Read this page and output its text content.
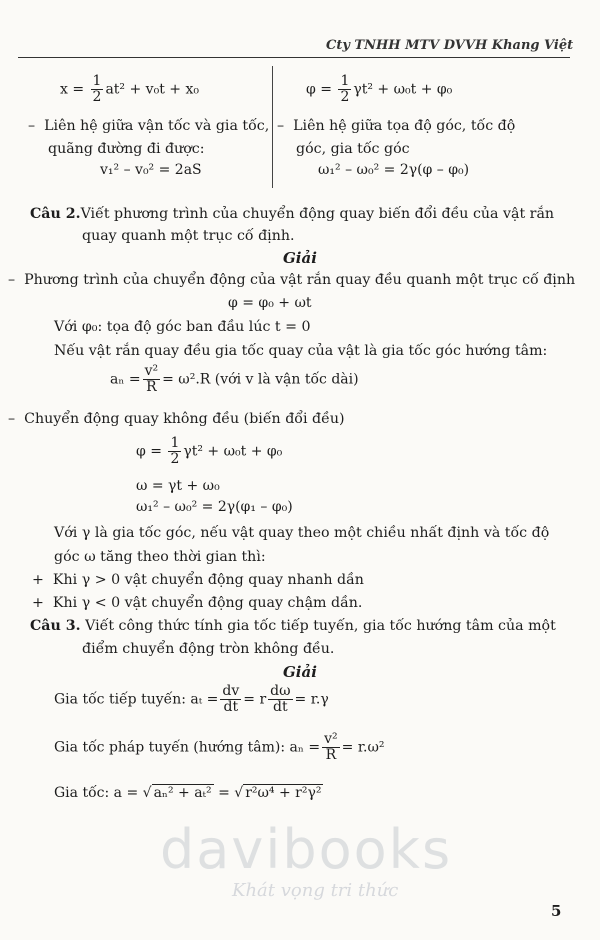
Cty TNHH MTV DVVH Khang Việt
$x = \frac{1}{2} at^2 + v_0t + x_0$
– Liên hệ giữa vận tốc và gia tốc,
quãng đường đi được:
v₁² – v₀² = 2aS
$\varphi = \frac{1}{2} \gamma t^2 + \omega_0t + \varphi_0$
– Liên hệ giữa tọa độ góc, tốc độ
góc, gia tốc góc
ω₁² – ω₀² = 2γ(φ – φ₀)
Câu 2.Viết phương trình của chuyển động quay biến đổi đều của vật rắn
quay quanh một trục cố định.
Giải
– Phương trình của chuyển động của vật rắn quay đều quanh một trục cố định
φ = φ₀ + ωt
Với φ₀: tọa độ góc ban đầu lúc t = 0
Nếu vật rắn quay đều gia tốc quay của vật là gia tốc góc hướng tâm:
$a_n = \frac{\text{v²}}{R} = \omega^2.R$ (với v là vận tốc dài)
– Chuyển động quay không đều (biến đổi đều)
$\varphi = \frac{1}{2} \gamma t^2 + \omega_0t + \varphi_0$
ω = γt + ω₀
ω₁² – ω₀² = 2γ(φ₁ – φ₀)
Với γ là gia tốc góc, nếu vật quay theo một chiều nhất định và tốc độ
góc ω tăng theo thời gian thì:
+  Khi γ > 0 vật chuyển động quay nhanh dần
+  Khi γ < 0 vật chuyển động quay chậm dần.
Câu 3. Viết công thức tính gia tốc tiếp tuyến, gia tốc hướng tâm của một
điểm chuyển động tròn không đều.
Giải
Gia tốc tiếp tuyến: $a_t = \frac{dv}{dt} = r \frac{d\omega}{dt} = r.\gamma$
Gia tốc pháp tuyến (hướng tâm): $a_n = \frac{\text{v²}}{R} = r.\omega^2$
Gia tốc: a = √ aₙ² + aₜ² = √ r²ω⁴ + r²γ²
davibooks
Khát vọng tri thức
5
